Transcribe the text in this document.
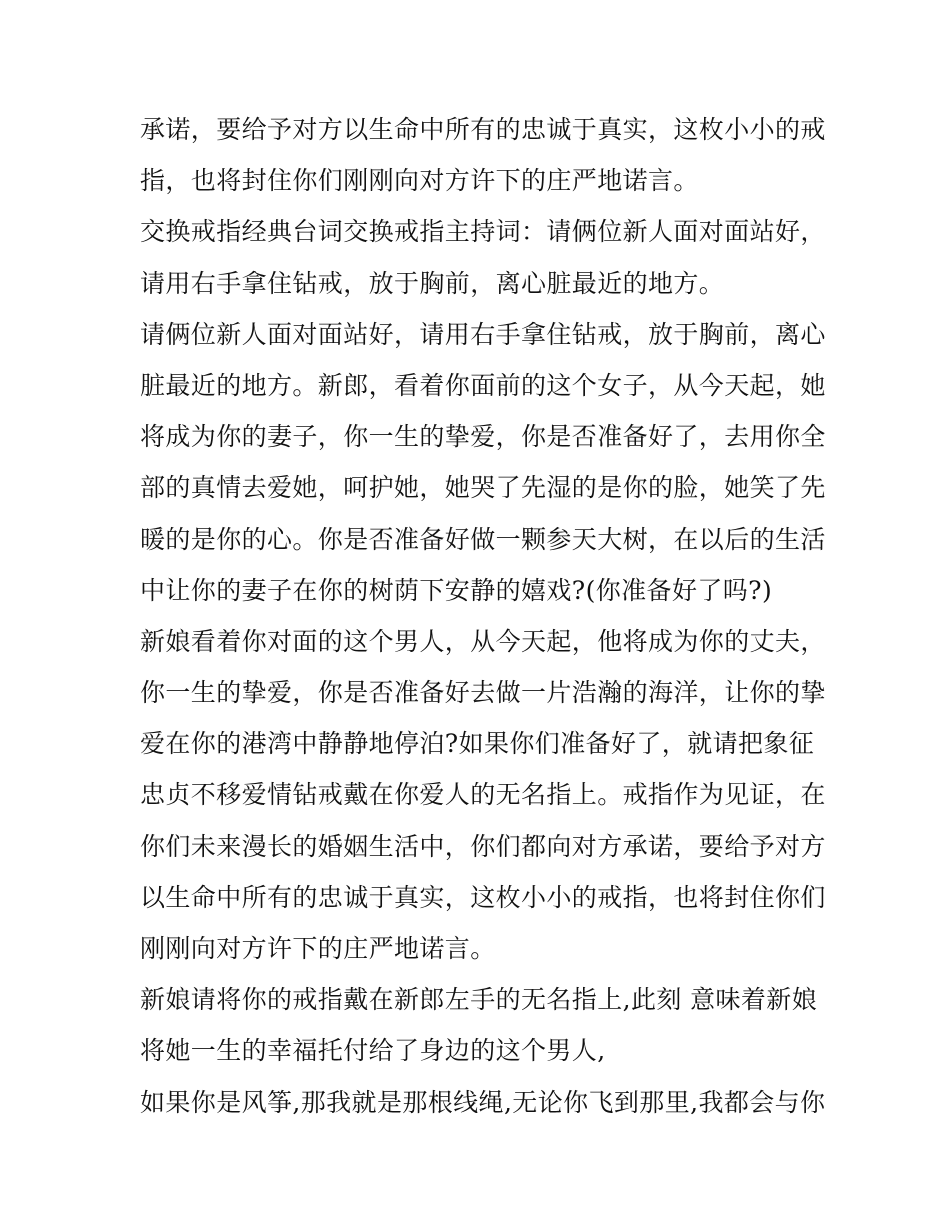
承诺，要给予对方以生命中所有的忠诚于真实，这枚小小的戒
指，也将封住你们刚刚向对方许下的庄严地诺言。
交换戒指经典台词交换戒指主持词：请俩位新人面对面站好，
请用右手拿住钻戒，放于胸前，离心脏最近的地方。
请俩位新人面对面站好，请用右手拿住钻戒，放于胸前，离心
脏最近的地方。新郎，看着你面前的这个女子，从今天起，她
将成为你的妻子，你一生的挚爱，你是否准备好了，去用你全
部的真情去爱她，呵护她，她哭了先湿的是你的脸，她笑了先
暖的是你的心。你是否准备好做一颗参天大树，在以后的生活
中让你的妻子在你的树荫下安静的嬉戏?(你准备好了吗?)
新娘看着你对面的这个男人，从今天起，他将成为你的丈夫，
你一生的挚爱，你是否准备好去做一片浩瀚的海洋，让你的挚
爱在你的港湾中静静地停泊?如果你们准备好了，就请把象征
忠贞不移爱情钻戒戴在你爱人的无名指上。戒指作为见证，在
你们未来漫长的婚姻生活中，你们都向对方承诺，要给予对方
以生命中所有的忠诚于真实，这枚小小的戒指，也将封住你们
刚刚向对方许下的庄严地诺言。
新娘请将你的戒指戴在新郎左手的无名指上,此刻 意味着新娘
将她一生的幸福托付给了身边的这个男人,
如果你是风筝,那我就是那根线绳,无论你飞到那里,我都会与你
